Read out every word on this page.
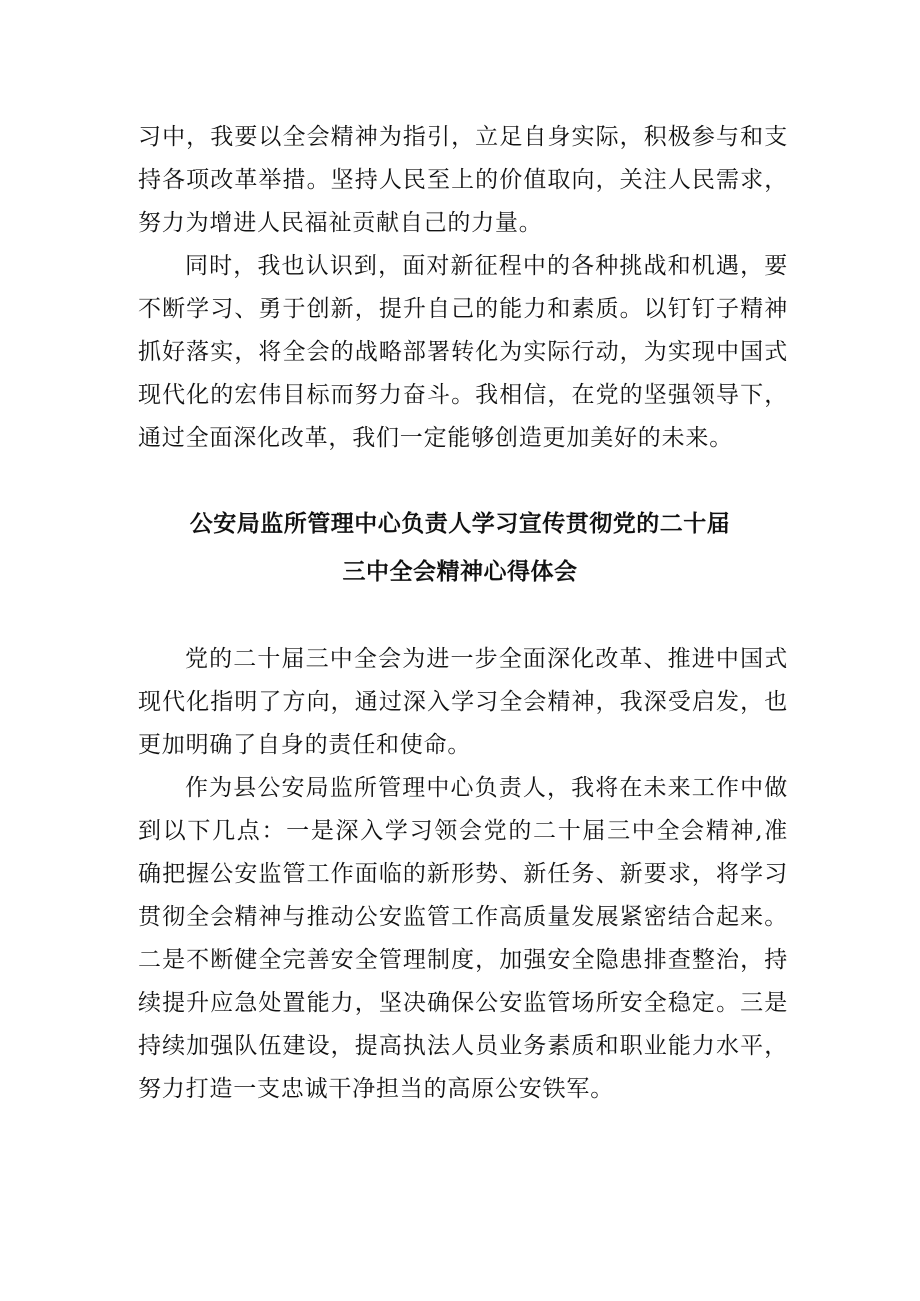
习中，我要以全会精神为指引，立足自身实际，积极参与和支持各项改革举措。坚持人民至上的价值取向，关注人民需求，努力为增进人民福祉贡献自己的力量。

同时，我也认识到，面对新征程中的各种挑战和机遇，要不断学习、勇于创新，提升自己的能力和素质。以钉钉子精神抓好落实，将全会的战略部署转化为实际行动，为实现中国式现代化的宏伟目标而努力奋斗。我相信，在党的坚强领导下，通过全面深化改革，我们一定能够创造更加美好的未来。

公安局监所管理中心负责人学习宣传贯彻党的二十届
三中全会精神心得体会

党的二十届三中全会为进一步全面深化改革、推进中国式现代化指明了方向，通过深入学习全会精神，我深受启发，也更加明确了自身的责任和使命。

作为县公安局监所管理中心负责人，我将在未来工作中做到以下几点：一是深入学习领会党的二十届三中全会精神,准确把握公安监管工作面临的新形势、新任务、新要求，将学习贯彻全会精神与推动公安监管工作高质量发展紧密结合起来。二是不断健全完善安全管理制度，加强安全隐患排查整治，持续提升应急处置能力，坚决确保公安监管场所安全稳定。三是持续加强队伍建设，提高执法人员业务素质和职业能力水平，努力打造一支忠诚干净担当的高原公安铁军。
